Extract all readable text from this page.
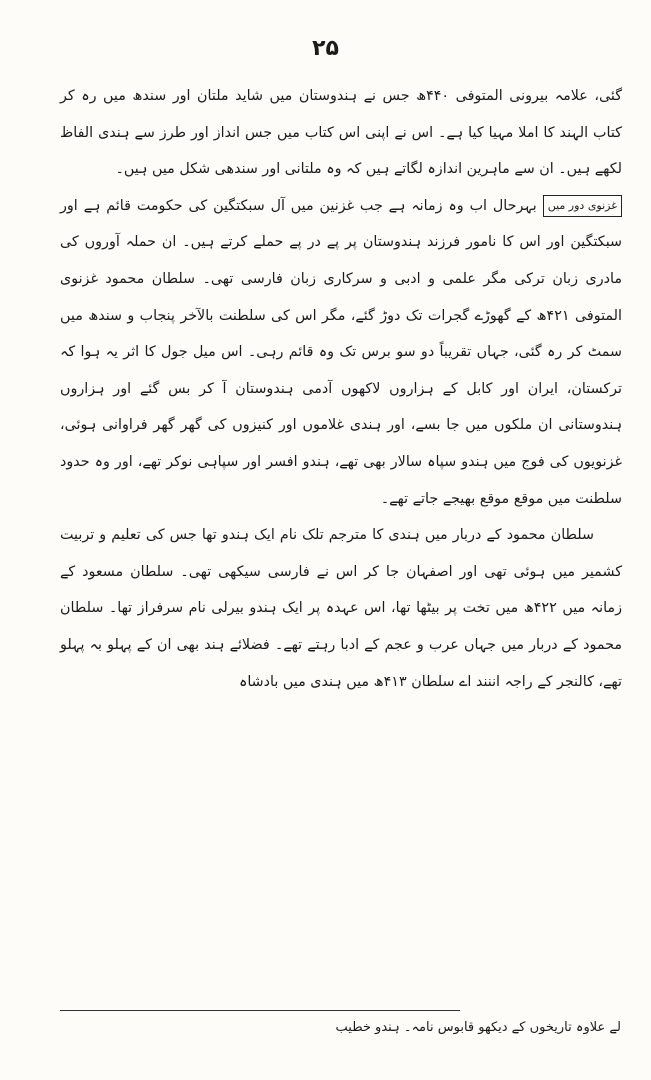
۲۵

گئی، علامہ بیرونی المتوفی ۴۴۰ھ جس نے ہندوستان میں شاید ملتان اور سندھ میں رہ کر کتاب الہند کا املا مہیا کیا ہے۔ اس نے اپنی اس کتاب میں جس انداز اور طرز سے ہندی الفاظ لکھے ہیں۔ ان سے ماہرین اندازہ لگاتے ہیں کہ وہ ملتانی اور سندھی شکل میں ہیں۔

غزنوی دور میںبہرحال اب وہ زمانہ ہے جب غزنین میں آل سبکتگین کی حکومت قائم ہے اور سبکتگین اور اس کا نامور فرزند ہندوستان پر پے در پے حملے کرتے ہیں۔ ان حملہ آوروں کی مادری زبان ترکی مگر علمی و ادبی و سرکاری زبان فارسی تھی۔ سلطان محمود غزنوی المتوفی ۴۲۱ھ کے گھوڑے گجرات تک دوڑ گئے، مگر اس کی سلطنت بالآخر پنجاب و سندھ میں سمٹ کر رہ گئی، جہاں تقریباً دو سو برس تک وہ قائم رہی۔ اس میل جول کا اثر یہ ہوا کہ ترکستان، ایران اور کابل کے ہزاروں لاکھوں آدمی ہندوستان آ کر بس گئے اور ہزاروں ہندوستانی ان ملکوں میں جا بسے، اور ہندی غلاموں اور کنیزوں کی گھر گھر فراوانی ہوئی، غزنویوں کی فوج میں ہندو سپاہ سالار بھی تھے، ہندو افسر اور سپاہی نوکر تھے، اور وہ حدود سلطنت میں موقع موقع بھیجے جاتے تھے۔

سلطان محمود کے دربار میں ہندی کا مترجم تلک نام ایک ہندو تھا جس کی تعلیم و تربیت کشمیر میں ہوئی تھی اور اصفہان جا کر اس نے فارسی سیکھی تھی۔ سلطان مسعود کے زمانہ میں ۴۲۲ھ میں تخت پر بیٹھا تھا، اس عہدہ پر ایک ہندو بیرلی نام سرفراز تھا۔ سلطان محمود کے دربار میں جہاں عرب و عجم کے ادبا رہتے تھے۔ فضلائے ہند بھی ان کے پہلو بہ پہلو تھے، کالنجر کے راجہ اننند اے سلطان ۴۱۳ھ میں ہندی میں بادشاہ

لے علاوہ تاریخوں کے دیکھو قابوس نامہ۔ ہندو خطیب
